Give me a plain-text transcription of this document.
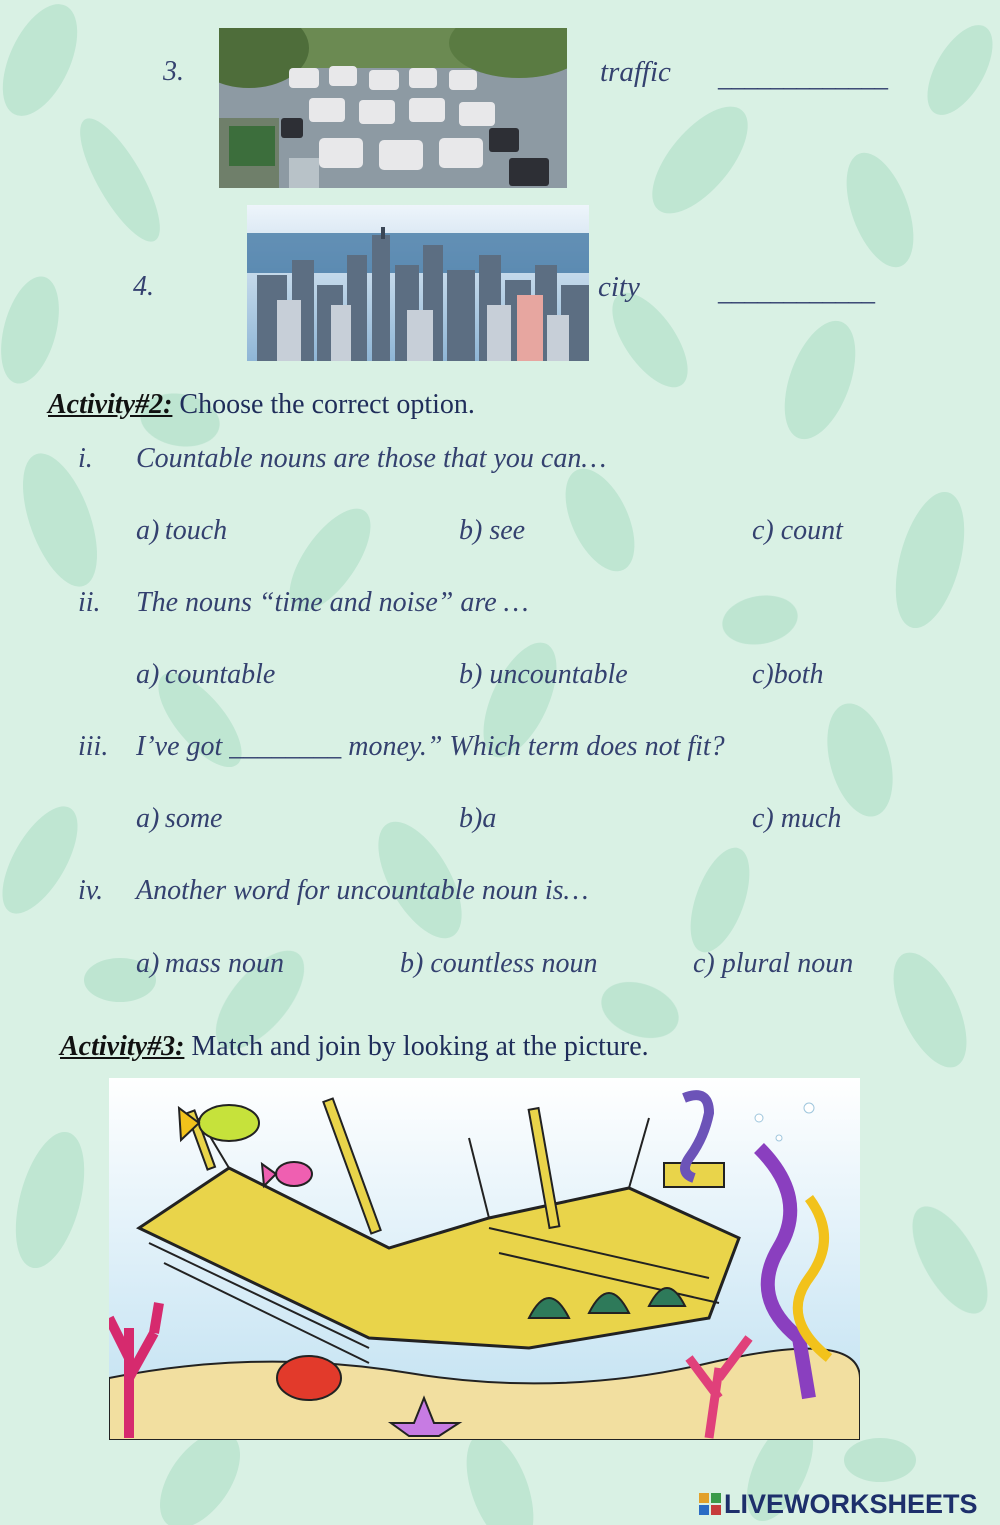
3.	traffic _____________
4.	city	____________
Activity#2: Choose the correct option.
i. Countable nouns are those that you can…
a) touch	b) see	c) count
ii. The nouns “time and noise” are …
a) countable	b) uncountable	c)both
iii. I’ve got ________ money.” Which term does not fit?
a) some	b)a	c) much
iv. Another word for uncountable noun is…
a) mass noun	b) countless noun	c) plural noun
Activity#3: Match and join by looking at the picture.
LIVEWORKSHEETS
